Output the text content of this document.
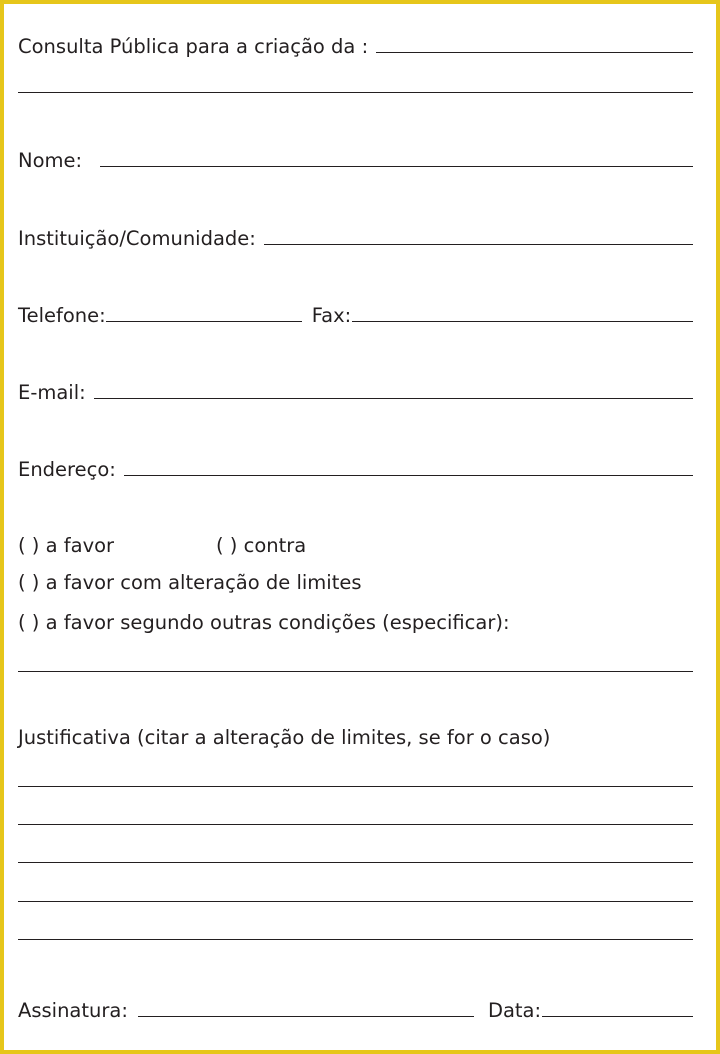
Consulta Pública para a criação da :
Nome:
Instituição/Comunidade:
Telefone:	Fax:
E-mail:
Endereço:
( ) a favor	( ) contra
( ) a favor com alteração de limites
( ) a favor segundo outras condições (especificar):
Justificativa (citar a alteração de limites, se for o caso)
Assinatura:	Data:
